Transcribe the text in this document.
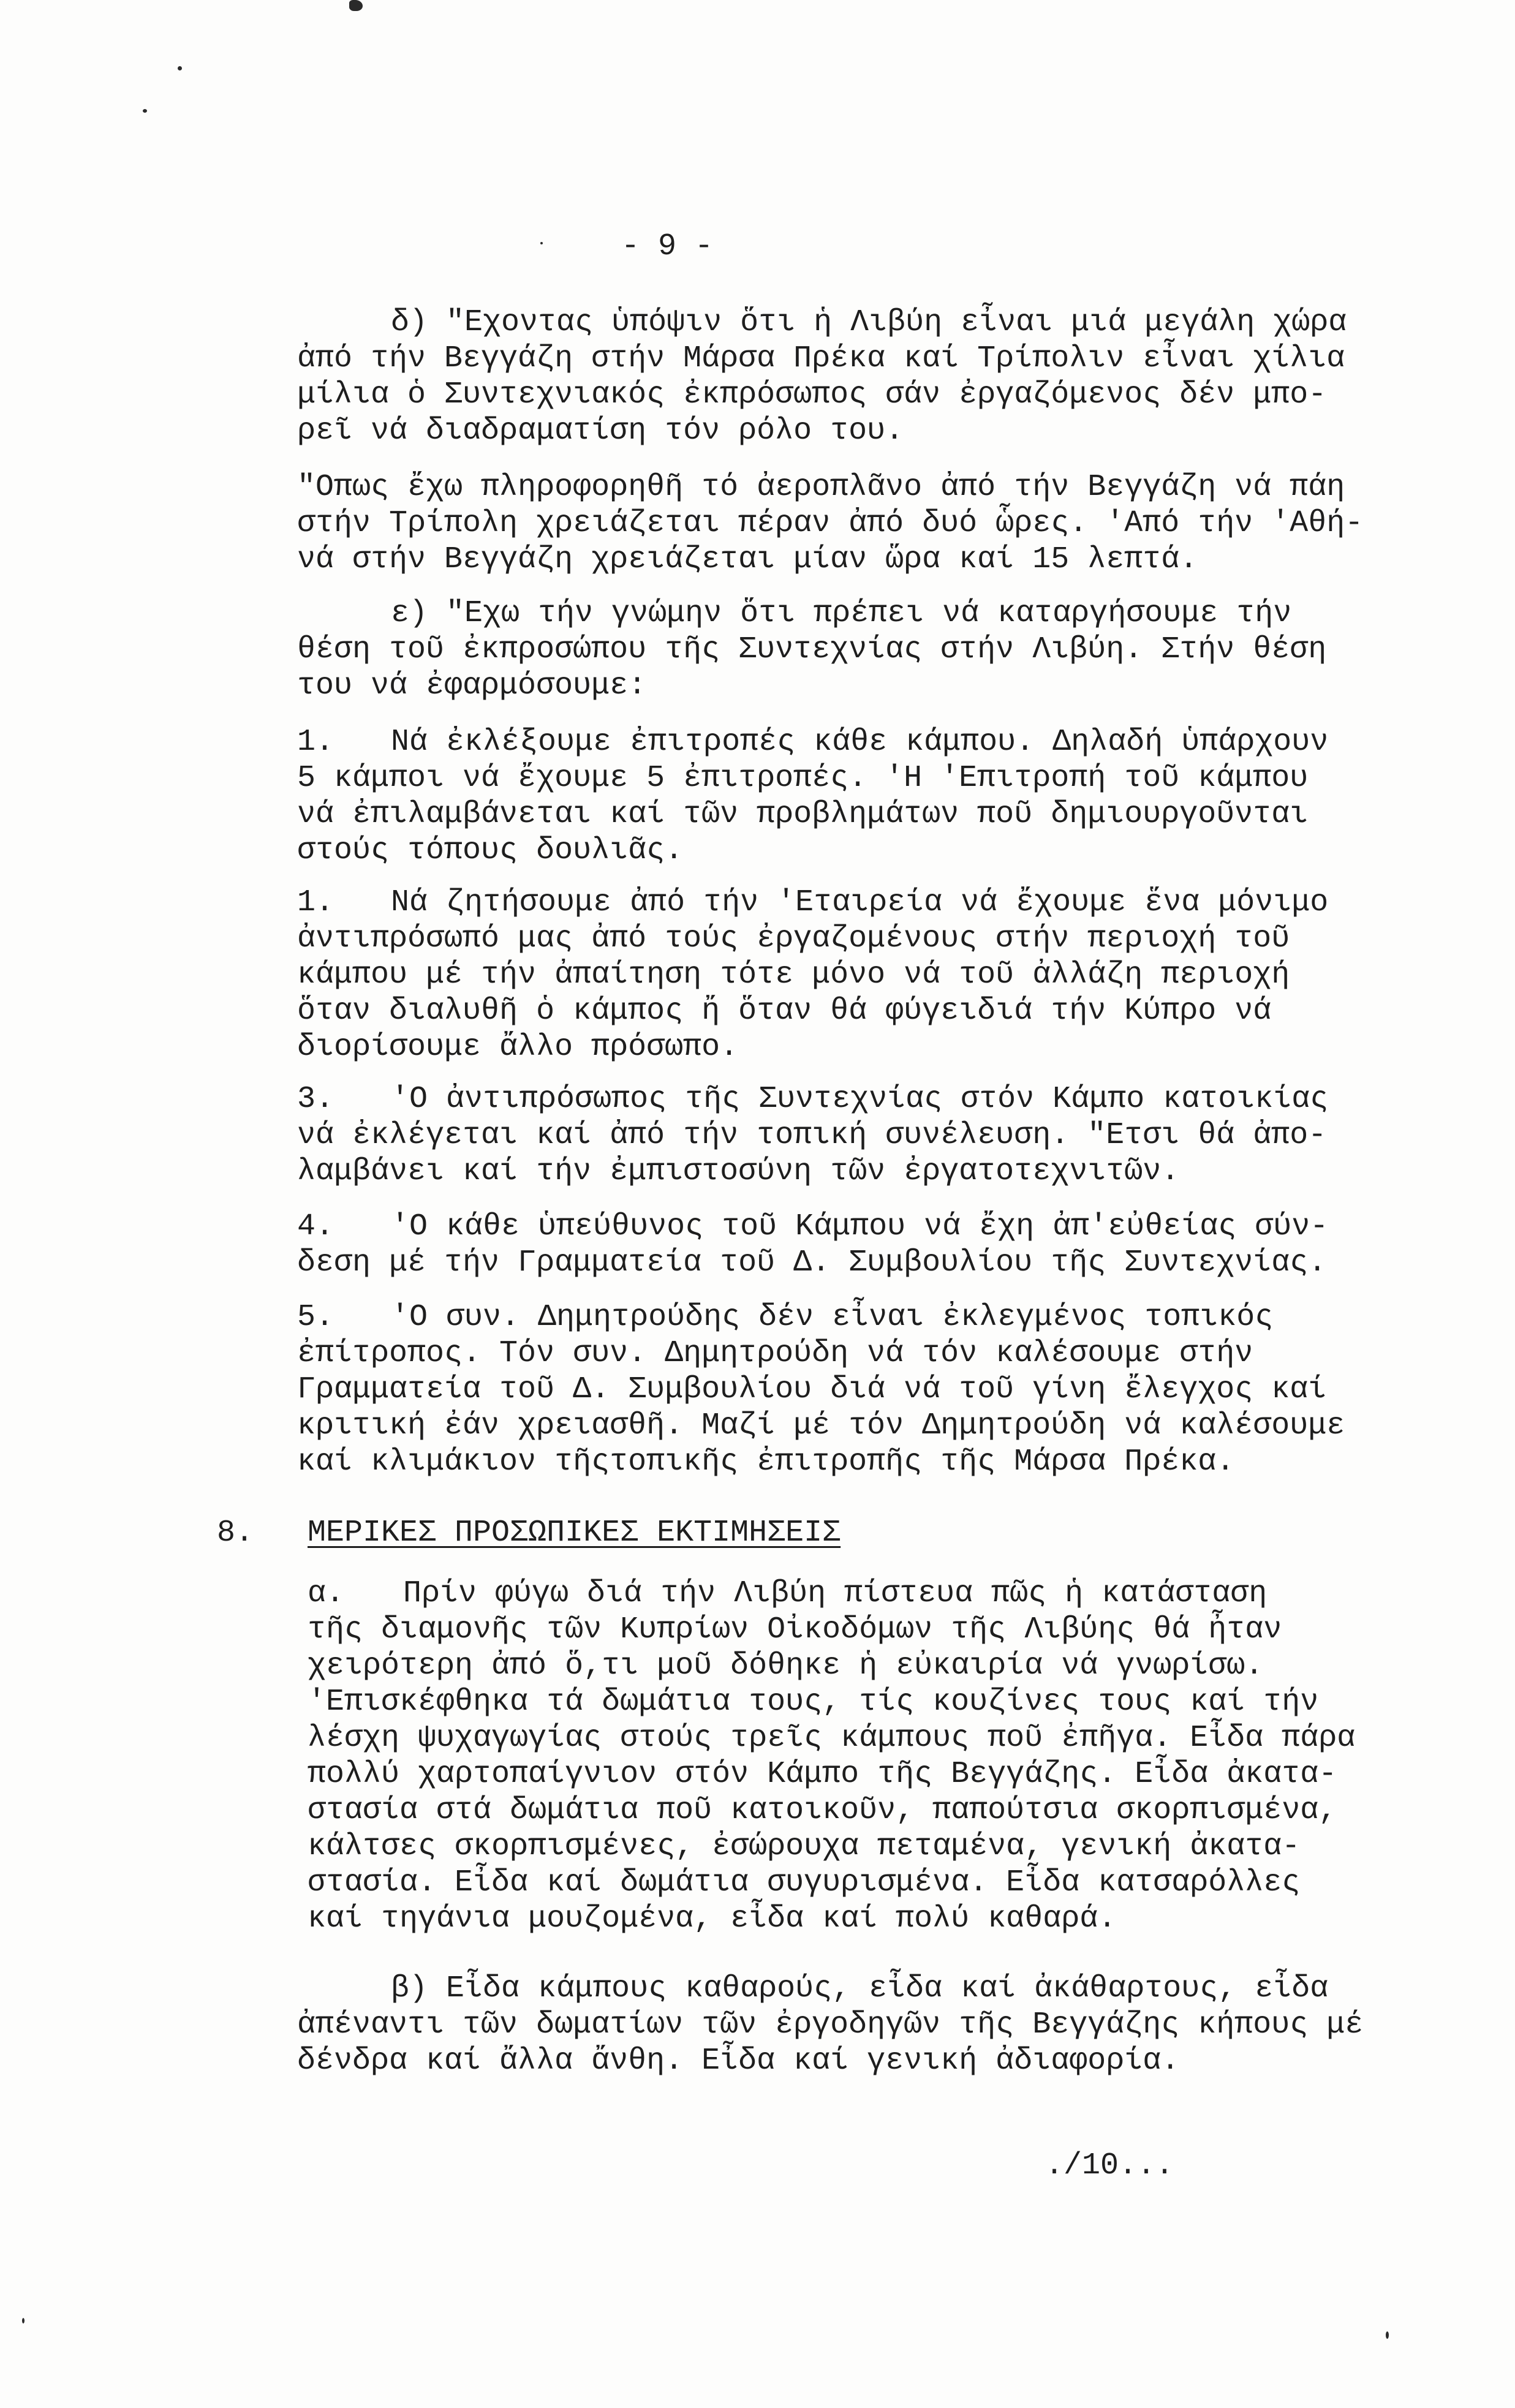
- 9 -
δ) "Εχοντας ὑπόψιν ὅτι ἡ Λιβύη εἶναι μιά μεγάλη χώρα
ἀπό τήν Βεγγάζη στήν Μάρσα Πρέκα καί Τρίπολιν εἶναι χίλια
μίλια ὁ Συντεχνιακός ἐκπρόσωπος σάν ἐργαζόμενος δέν μπο-
ρεῖ νά διαδραματίση τόν ρόλο του.
"Οπως ἔχω πληροφορηθῆ τό ἀεροπλᾶνο ἀπό τήν Βεγγάζη νά πάη
στήν Τρίπολη χρειάζεται πέραν ἀπό δυό ὧρες. 'Από τήν 'Αθή-
νά στήν Βεγγάζη χρειάζεται μίαν ὥρα καί 15 λεπτά.
ε) "Εχω τήν γνώμην ὅτι πρέπει νά καταργήσουμε τήν
θέση τοῦ ἐκπροσώπου τῆς Συντεχνίας στήν Λιβύη. Στήν θέση
του νά ἐφαρμόσουμε:
1. Νά ἐκλέξουμε ἐπιτροπές κάθε κάμπου. Δηλαδή ὑπάρχουν
5 κάμποι νά ἔχουμε 5 ἐπιτροπές. 'Η 'Επιτροπή τοῦ κάμπου
νά ἐπιλαμβάνεται καί τῶν προβλημάτων ποῦ δημιουργοῦνται
στούς τόπους δουλιᾶς.
1. Νά ζητήσουμε ἀπό τήν 'Εταιρεία νά ἔχουμε ἕνα μόνιμο
ἀντιπρόσωπό μας ἀπό τούς ἐργαζομένους στήν περιοχή τοῦ
κάμπου μέ τήν ἀπαίτηση τότε μόνο νά τοῦ ἀλλάζη περιοχή
ὅταν διαλυθῆ ὁ κάμπος ἤ ὅταν θά φύγειδιά τήν Κύπρο νά
διορίσουμε ἄλλο πρόσωπο.
3. 'Ο ἀντιπρόσωπος τῆς Συντεχνίας στόν Κάμπο κατοικίας
νά ἐκλέγεται καί ἀπό τήν τοπική συνέλευση. "Ετσι θά ἀπο-
λαμβάνει καί τήν ἐμπιστοσύνη τῶν ἐργατοτεχνιτῶν.
4. 'Ο κάθε ὑπεύθυνος τοῦ Κάμπου νά ἔχη ἀπ'εὐθείας σύν-
δεση μέ τήν Γραμματεία τοῦ Δ. Συμβουλίου τῆς Συντεχνίας.
5. 'Ο συν. Δημητρούδης δέν εἶναι ἐκλεγμένος τοπικός
ἐπίτροπος. Τόν συν. Δημητρούδη νά τόν καλέσουμε στήν
Γραμματεία τοῦ Δ. Συμβουλίου διά νά τοῦ γίνη ἔλεγχος καί
κριτική ἐάν χρειασθῆ. Μαζί μέ τόν Δημητρούδη νά καλέσουμε
καί κλιμάκιον τῆςτοπικῆς ἐπιτροπῆς τῆς Μάρσα Πρέκα.
8. ΜΕΡΙΚΕΣ ΠΡΟΣΩΠΙΚΕΣ ΕΚΤΙΜΗΣΕΙΣ
α. Πρίν φύγω διά τήν Λιβύη πίστευα πῶς ἡ κατάσταση
τῆς διαμονῆς τῶν Κυπρίων Οἰκοδόμων τῆς Λιβύης θά ἦταν
χειρότερη ἀπό ὅ,τι μοῦ δόθηκε ἡ εὐκαιρία νά γνωρίσω.
'Επισκέφθηκα τά δωμάτια τους, τίς κουζίνες τους καί τήν
λέσχη ψυχαγωγίας στούς τρεῖς κάμπους ποῦ ἐπῆγα. Εἶδα πάρα
πολλύ χαρτοπαίγνιον στόν Κάμπο τῆς Βεγγάζης. Εἶδα ἀκατα-
στασία στά δωμάτια ποῦ κατοικοῦν, παπούτσια σκορπισμένα,
κάλτσες σκορπισμένες, ἐσώρουχα πεταμένα, γενική ἀκατα-
στασία. Εἶδα καί δωμάτια συγυρισμένα. Εἶδα κατσαρόλλες
καί τηγάνια μουζομένα, εἶδα καί πολύ καθαρά.
β) Εἶδα κάμπους καθαρούς, εἶδα καί ἀκάθαρτους, εἶδα
ἀπέναντι τῶν δωματίων τῶν ἐργοδηγῶν τῆς Βεγγάζης κήπους μέ
δένδρα καί ἄλλα ἄνθη. Εἶδα καί γενική ἀδιαφορία.
./10...
